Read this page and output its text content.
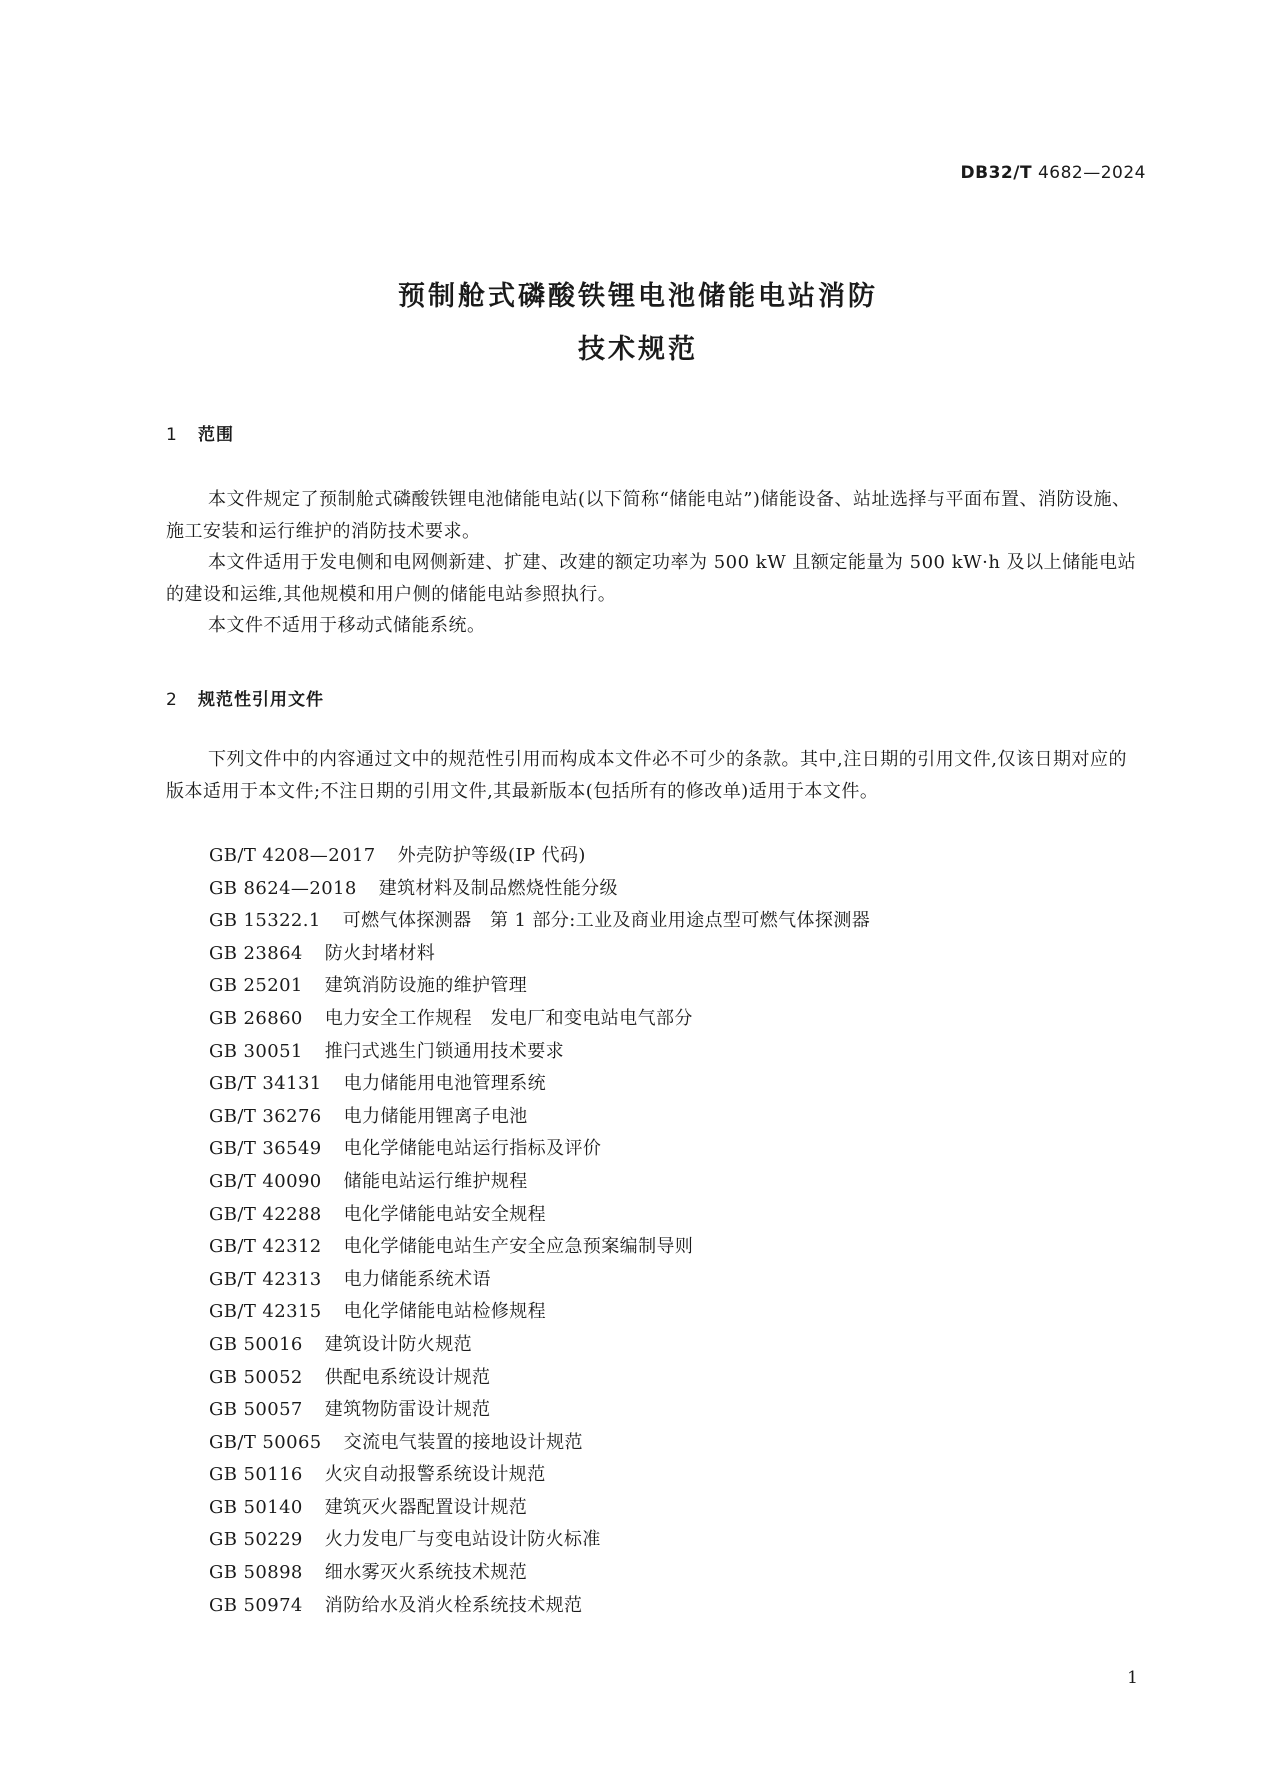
DB32/T 4682—2024
预制舱式磷酸铁锂电池储能电站消防
技术规范
1 范围

本文件规定了预制舱式磷酸铁锂电池储能电站(以下简称“储能电站”)储能设备、站址选择与平面布置、消防设施、施工安装和运行维护的消防技术要求。

本文件适用于发电侧和电网侧新建、扩建、改建的额定功率为 500 kW 且额定能量为 500 kW·h 及以上储能电站的建设和运维,其他规模和用户侧的储能电站参照执行。

本文件不适用于移动式储能系统。

2 规范性引用文件

下列文件中的内容通过文中的规范性引用而构成本文件必不可少的条款。其中,注日期的引用文件,仅该日期对应的版本适用于本文件;不注日期的引用文件,其最新版本(包括所有的修改单)适用于本文件。

GB/T 4208—2017 外壳防护等级(IP 代码)
GB 8624—2018 建筑材料及制品燃烧性能分级
GB 15322.1 可燃气体探测器　第 1 部分:工业及商业用途点型可燃气体探测器
GB 23864 防火封堵材料
GB 25201 建筑消防设施的维护管理
GB 26860 电力安全工作规程　发电厂和变电站电气部分
GB 30051 推闩式逃生门锁通用技术要求
GB/T 34131 电力储能用电池管理系统
GB/T 36276 电力储能用锂离子电池
GB/T 36549 电化学储能电站运行指标及评价
GB/T 40090 储能电站运行维护规程
GB/T 42288 电化学储能电站安全规程
GB/T 42312 电化学储能电站生产安全应急预案编制导则
GB/T 42313 电力储能系统术语
GB/T 42315 电化学储能电站检修规程
GB 50016 建筑设计防火规范
GB 50052 供配电系统设计规范
GB 50057 建筑物防雷设计规范
GB/T 50065 交流电气装置的接地设计规范
GB 50116 火灾自动报警系统设计规范
GB 50140 建筑灭火器配置设计规范
GB 50229 火力发电厂与变电站设计防火标准
GB 50898 细水雾灭火系统技术规范
GB 50974 消防给水及消火栓系统技术规范
1
